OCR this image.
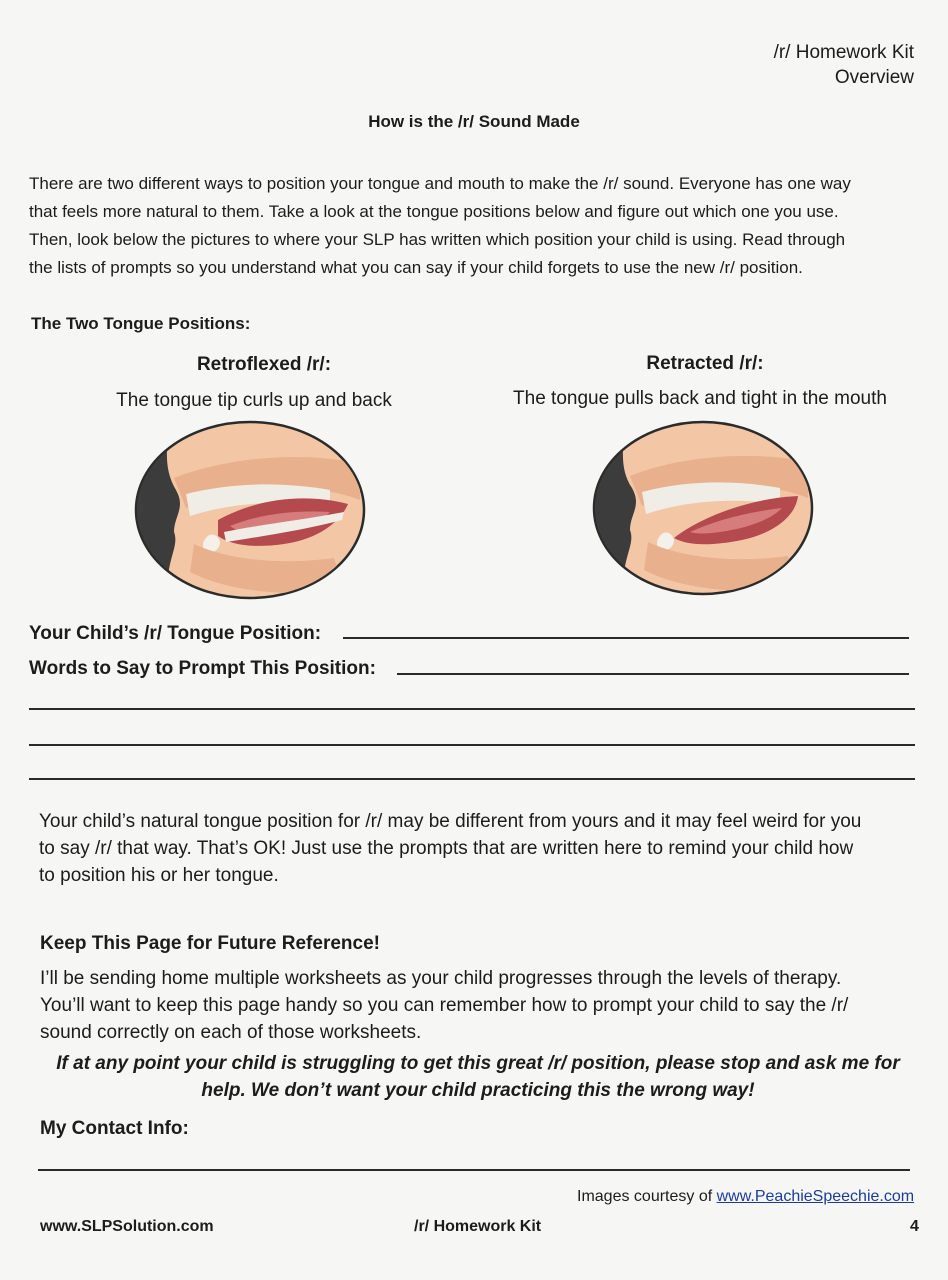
/r/ Homework Kit
Overview
How is the /r/ Sound Made

There are two different ways to position your tongue and mouth to make the /r/ sound. Everyone has one way

that feels more natural to them. Take a look at the tongue positions below and figure out which one you use.

Then, look below the pictures to where your SLP has written which position your child is using. Read through

the lists of prompts so you understand what you can say if your child forgets to use the new /r/ position.

The Two Tongue Positions:
Retroflexed /r/:
The tongue tip curls up and back
Retracted /r/:
The tongue pulls back and tight in the mouth
Your Child’s /r/ Tongue Position:
Words to Say to Prompt This Position:

Your child’s natural tongue position for /r/ may be different from yours and it may feel weird for you

to say /r/ that way. That’s OK! Just use the prompts that are written here to remind your child how

to position his or her tongue.

Keep This Page for Future Reference!

I’ll be sending home multiple worksheets as your child progresses through the levels of therapy.

You’ll want to keep this page handy so you can remember how to prompt your child to say the /r/

sound correctly on each of those worksheets.

If at any point your child is struggling to get this great /r/ position, please stop and ask me for
help. We don’t want your child practicing this the wrong way!
My Contact Info:
Images courtesy of www.PeachieSpeechie.com
www.SLPSolution.com	/r/ Homework Kit	4
